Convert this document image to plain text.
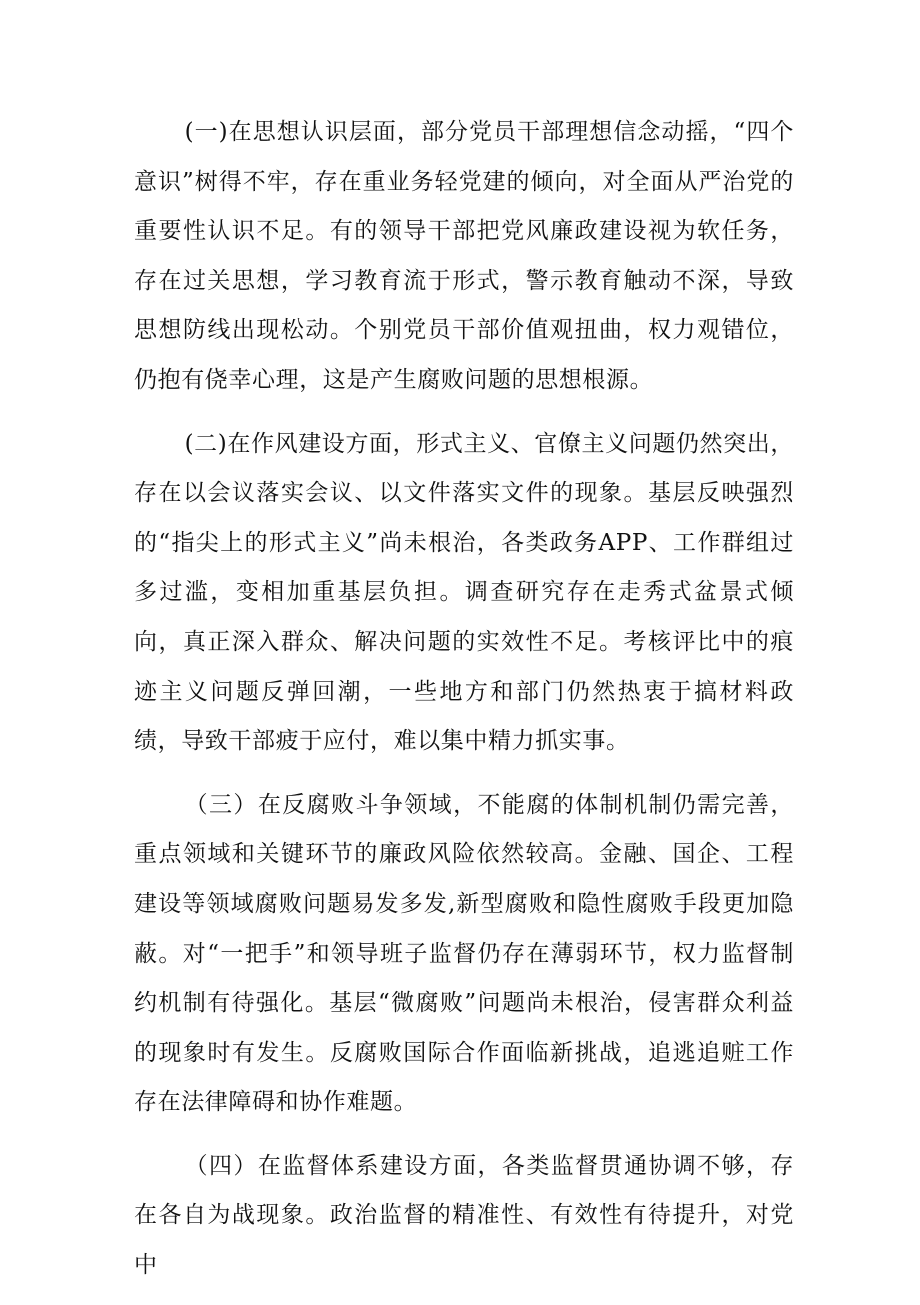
(一)在思想认识层面，部分党员干部理想信念动摇，“四个意识”树得不牢，存在重业务轻党建的倾向，对全面从严治党的重要性认识不足。有的领导干部把党风廉政建设视为软任务，存在过关思想，学习教育流于形式，警示教育触动不深，导致思想防线出现松动。个别党员干部价值观扭曲，权力观错位，仍抱有侥幸心理，这是产生腐败问题的思想根源。

(二)在作风建设方面，形式主义、官僚主义问题仍然突出，存在以会议落实会议、以文件落实文件的现象。基层反映强烈的“指尖上的形式主义”尚未根治，各类政务APP、工作群组过多过滥，变相加重基层负担。调查研究存在走秀式盆景式倾向，真正深入群众、解决问题的实效性不足。考核评比中的痕迹主义问题反弹回潮，一些地方和部门仍然热衷于搞材料政绩，导致干部疲于应付，难以集中精力抓实事。

（三）在反腐败斗争领域，不能腐的体制机制仍需完善，重点领域和关键环节的廉政风险依然较高。金融、国企、工程建设等领域腐败问题易发多发,新型腐败和隐性腐败手段更加隐蔽。对“一把手”和领导班子监督仍存在薄弱环节，权力监督制约机制有待强化。基层“微腐败”问题尚未根治，侵害群众利益的现象时有发生。反腐败国际合作面临新挑战，追逃追赃工作存在法律障碍和协作难题。

（四）在监督体系建设方面，各类监督贯通协调不够，存在各自为战现象。政治监督的精准性、有效性有待提升，对党中
